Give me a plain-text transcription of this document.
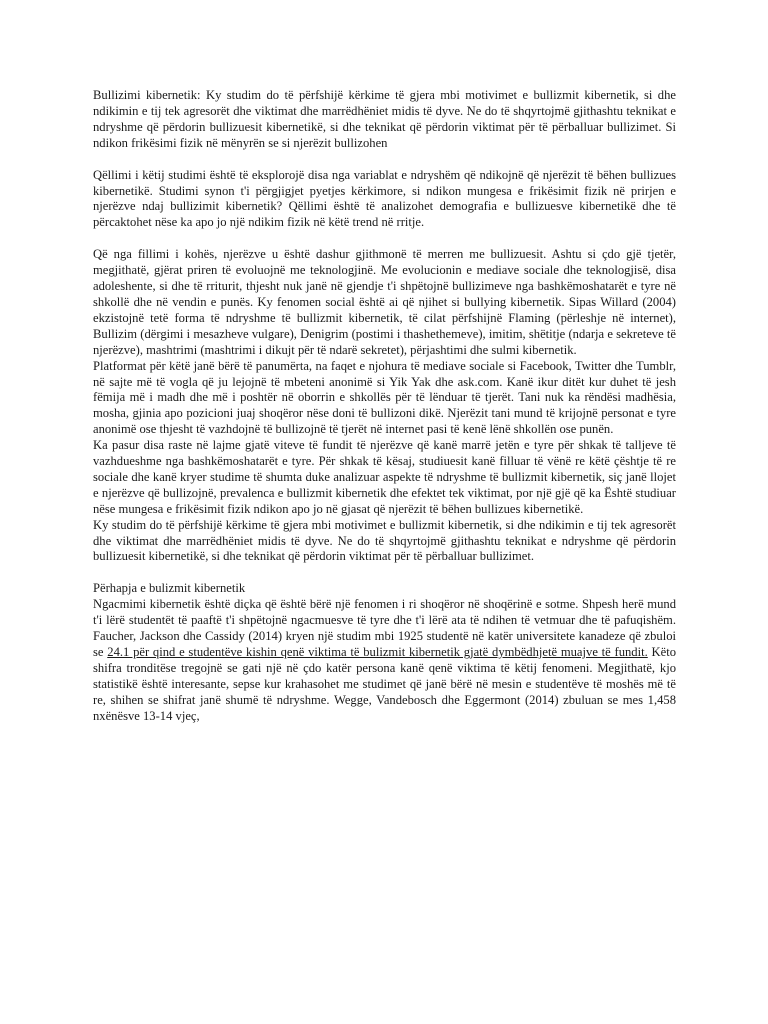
Bullizimi kibernetik: Ky studim do të përfshijë kërkime të gjera mbi motivimet e bullizmit kibernetik, si dhe ndikimin e tij tek agresorët dhe viktimat dhe marrëdhëniet midis të dyve. Ne do të shqyrtojmë gjithashtu teknikat e ndryshme që përdorin bullizuesit kibernetikë, si dhe teknikat që përdorin viktimat për të përballuar bullizimet. Si ndikon frikësimi fizik në mënyrën se si njerëzit bullizohen

Qëllimi i këtij studimi është të eksplorojë disa nga variablat e ndryshëm që ndikojnë që njerëzit të bëhen bullizues kibernetikë. Studimi synon t'i përgjigjet pyetjes kërkimore, si ndikon mungesa e frikësimit fizik në prirjen e njerëzve ndaj bullizimit kibernetik? Qëllimi është të analizohet demografia e bullizuesve kibernetikë dhe të përcaktohet nëse ka apo jo një ndikim fizik në këtë trend në rritje.

Që nga fillimi i kohës, njerëzve u është dashur gjithmonë të merren me bullizuesit. Ashtu si çdo gjë tjetër, megjithatë, gjërat priren të evoluojnë me teknologjinë. Me evolucionin e mediave sociale dhe teknologjisë, disa adoleshente, si dhe të rriturit, thjesht nuk janë në gjendje t'i shpëtojnë bullizimeve nga bashkëmoshatarët e tyre në shkollë dhe në vendin e punës. Ky fenomen social është ai që njihet si bullying kibernetik. Sipas Willard (2004) ekzistojnë tetë forma të ndryshme të bullizmit kibernetik, të cilat përfshijnë Flaming (përleshje në internet), Bullizim (dërgimi i mesazheve vulgare), Denigrim (postimi i thashethemeve), imitim, shëtitje (ndarja e sekreteve të njerëzve), mashtrimi (mashtrimi i dikujt për të ndarë sekretet), përjashtimi dhe sulmi kibernetik.

Platformat për këtë janë bërë të panumërta, na faqet e njohura të mediave sociale si Facebook, Twitter dhe Tumblr, në sajte më të vogla që ju lejojnë të mbeteni anonimë si Yik Yak dhe ask.com. Kanë ikur ditët kur duhet të jesh fëmija më i madh dhe më i poshtër në oborrin e shkollës për të lënduar të tjerët. Tani nuk ka rëndësi madhësia, mosha, gjinia apo pozicioni juaj shoqëror nëse doni të bullizoni dikë. Njerëzit tani mund të krijojnë personat e tyre anonimë ose thjesht të vazhdojnë të bullizojnë të tjerët në internet pasi të kenë lënë shkollën ose punën.

Ka pasur disa raste në lajme gjatë viteve të fundit të njerëzve që kanë marrë jetën e tyre për shkak të talljeve të vazhdueshme nga bashkëmoshatarët e tyre. Për shkak të kësaj, studiuesit kanë filluar të vënë re këtë çështje të re sociale dhe kanë kryer studime të shumta duke analizuar aspekte të ndryshme të bullizmit kibernetik, siç janë llojet e njerëzve që bullizojnë, prevalenca e bullizmit kibernetik dhe efektet tek viktimat, por një gjë që ka Është studiuar nëse mungesa e frikësimit fizik ndikon apo jo në gjasat që njerëzit të bëhen bullizues kibernetikë.

Ky studim do të përfshijë kërkime të gjera mbi motivimet e bullizmit kibernetik, si dhe ndikimin e tij tek agresorët dhe viktimat dhe marrëdhëniet midis të dyve. Ne do të shqyrtojmë gjithashtu teknikat e ndryshme që përdorin bullizuesit kibernetikë, si dhe teknikat që përdorin viktimat për të përballuar bullizimet.

Përhapja e bulizmit kibernetik

Ngacmimi kibernetik është diçka që është bërë një fenomen i ri shoqëror në shoqërinë e sotme. Shpesh herë mund t'i lërë studentët të paaftë t'i shpëtojnë ngacmuesve të tyre dhe t'i lërë ata të ndihen të vetmuar dhe të pafuqishëm. Faucher, Jackson dhe Cassidy (2014) kryen një studim mbi 1925 studentë në katër universitete kanadeze që zbuloi se 24.1 për qind e studentëve kishin qenë viktima të bulizmit kibernetik gjatë dymbëdhjetë muajve të fundit. Këto shifra tronditëse tregojnë se gati një në çdo katër persona kanë qenë viktima të këtij fenomeni. Megjithatë, kjo statistikë është interesante, sepse kur krahasohet me studimet që janë bërë në mesin e studentëve të moshës më të re, shihen se shifrat janë shumë të ndryshme. Wegge, Vandebosch dhe Eggermont (2014) zbuluan se mes 1,458 nxënësve 13-14 vjeç,
